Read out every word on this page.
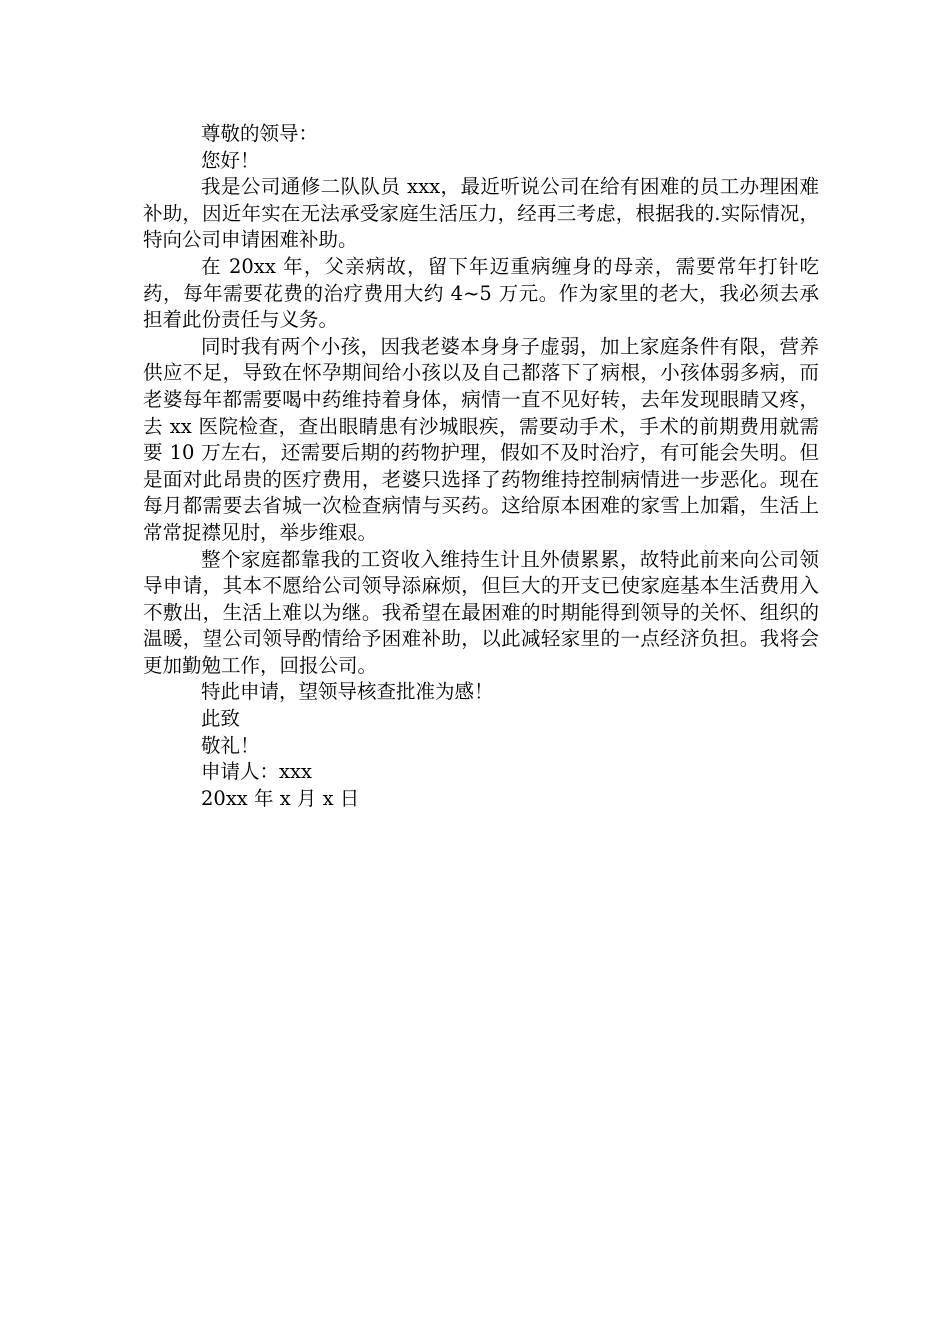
尊敬的领导：

您好！

我是公司通修二队队员 xxx，最近听说公司在给有困难的员工办理困难补助，因近年实在无法承受家庭生活压力，经再三考虑，根据我的.实际情况，特向公司申请困难补助。

在 20xx 年，父亲病故，留下年迈重病缠身的母亲，需要常年打针吃药，每年需要花费的治疗费用大约 4~5 万元。作为家里的老大，我必须去承担着此份责任与义务。

同时我有两个小孩，因我老婆本身身子虚弱，加上家庭条件有限，营养供应不足，导致在怀孕期间给小孩以及自己都落下了病根，小孩体弱多病，而老婆每年都需要喝中药维持着身体，病情一直不见好转，去年发现眼睛又疼，去 xx 医院检查，查出眼睛患有沙城眼疾，需要动手术，手术的前期费用就需要 10 万左右，还需要后期的药物护理，假如不及时治疗，有可能会失明。但是面对此昂贵的医疗费用，老婆只选择了药物维持控制病情进一步恶化。现在每月都需要去省城一次检查病情与买药。这给原本困难的家雪上加霜，生活上常常捉襟见肘，举步维艰。

整个家庭都靠我的工资收入维持生计且外债累累，故特此前来向公司领导申请，其本不愿给公司领导添麻烦，但巨大的开支已使家庭基本生活费用入不敷出，生活上难以为继。我希望在最困难的时期能得到领导的关怀、组织的温暖，望公司领导酌情给予困难补助，以此减轻家里的一点经济负担。我将会更加勤勉工作，回报公司。

特此申请，望领导核查批准为感！

此致

敬礼！

申请人：xxx

20xx 年 x 月 x 日
